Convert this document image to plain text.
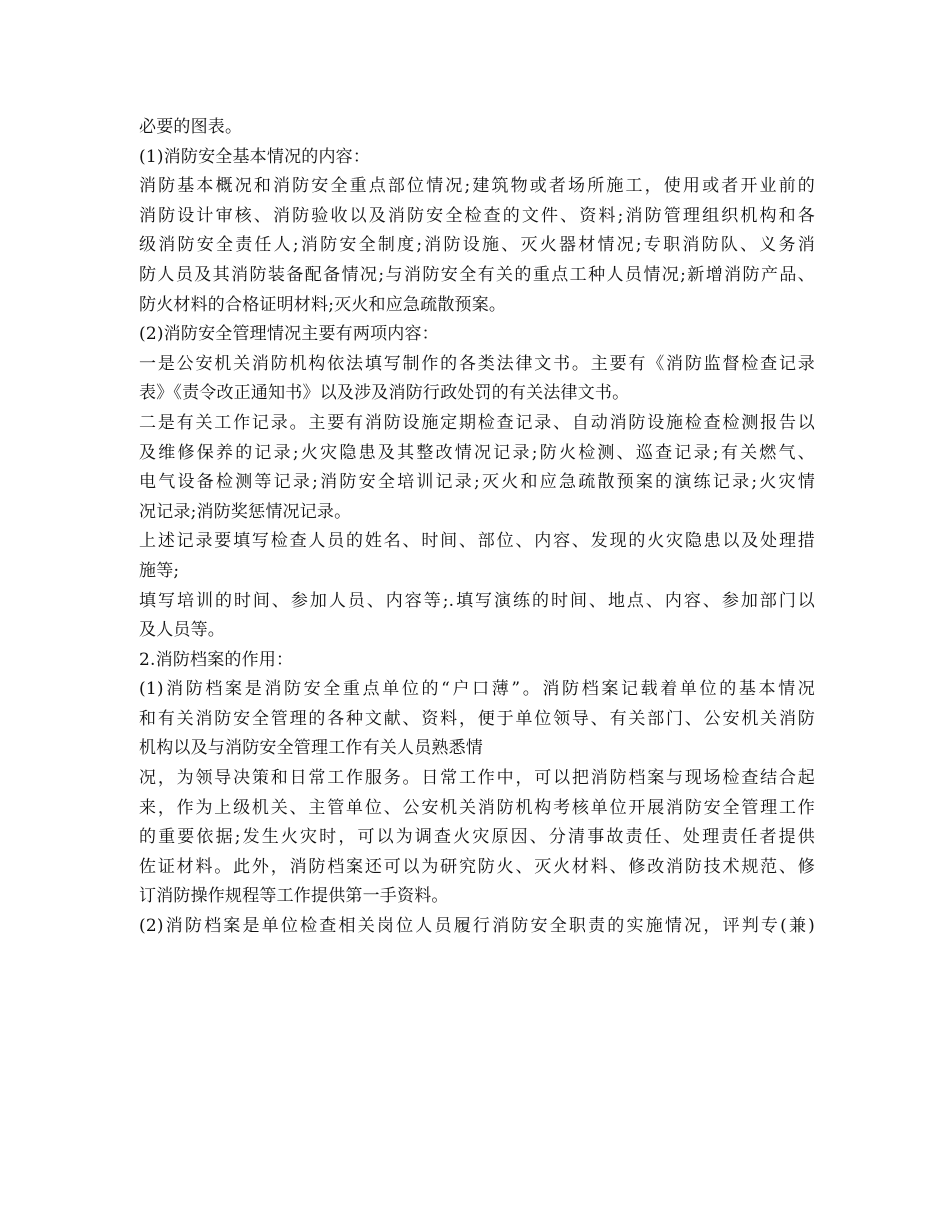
必要的图表。
(1)消防安全基本情况的内容：
消防基本概况和消防安全重点部位情况;建筑物或者场所施工，使用或者开业前的
消防设计审核、消防验收以及消防安全检查的文件、资料;消防管理组织机构和各
级消防安全责任人;消防安全制度;消防设施、灭火器材情况;专职消防队、义务消
防人员及其消防装备配备情况;与消防安全有关的重点工种人员情况;新增消防产品、
防火材料的合格证明材料;灭火和应急疏散预案。
(2)消防安全管理情况主要有两项内容：
一是公安机关消防机构依法填写制作的各类法律文书。主要有《消防监督检查记录
表》《责令改正通知书》以及涉及消防行政处罚的有关法律文书。
二是有关工作记录。主要有消防设施定期检查记录、自动消防设施检查检测报告以
及维修保养的记录;火灾隐患及其整改情况记录;防火检测、巡查记录;有关燃气、
电气设备检测等记录;消防安全培训记录;灭火和应急疏散预案的演练记录;火灾情
况记录;消防奖惩情况记录。
上述记录要填写检查人员的姓名、时间、部位、内容、发现的火灾隐患以及处理措
施等;
填写培训的时间、参加人员、内容等;.填写演练的时间、地点、内容、参加部门以
及人员等。
2.消防档案的作用：
(1)消防档案是消防安全重点单位的“户口薄”。消防档案记载着单位的基本情况
和有关消防安全管理的各种文献、资料，便于单位领导、有关部门、公安机关消防
机构以及与消防安全管理工作有关人员熟悉情
况，为领导决策和日常工作服务。日常工作中，可以把消防档案与现场检查结合起
来，作为上级机关、主管单位、公安机关消防机构考核单位开展消防安全管理工作
的重要依据;发生火灾时，可以为调查火灾原因、分清事故责任、处理责任者提供
佐证材料。此外，消防档案还可以为研究防火、灭火材料、修改消防技术规范、修
订消防操作规程等工作提供第一手资料。
(2)消防档案是单位检查相关岗位人员履行消防安全职责的实施情况，评判专(兼)
